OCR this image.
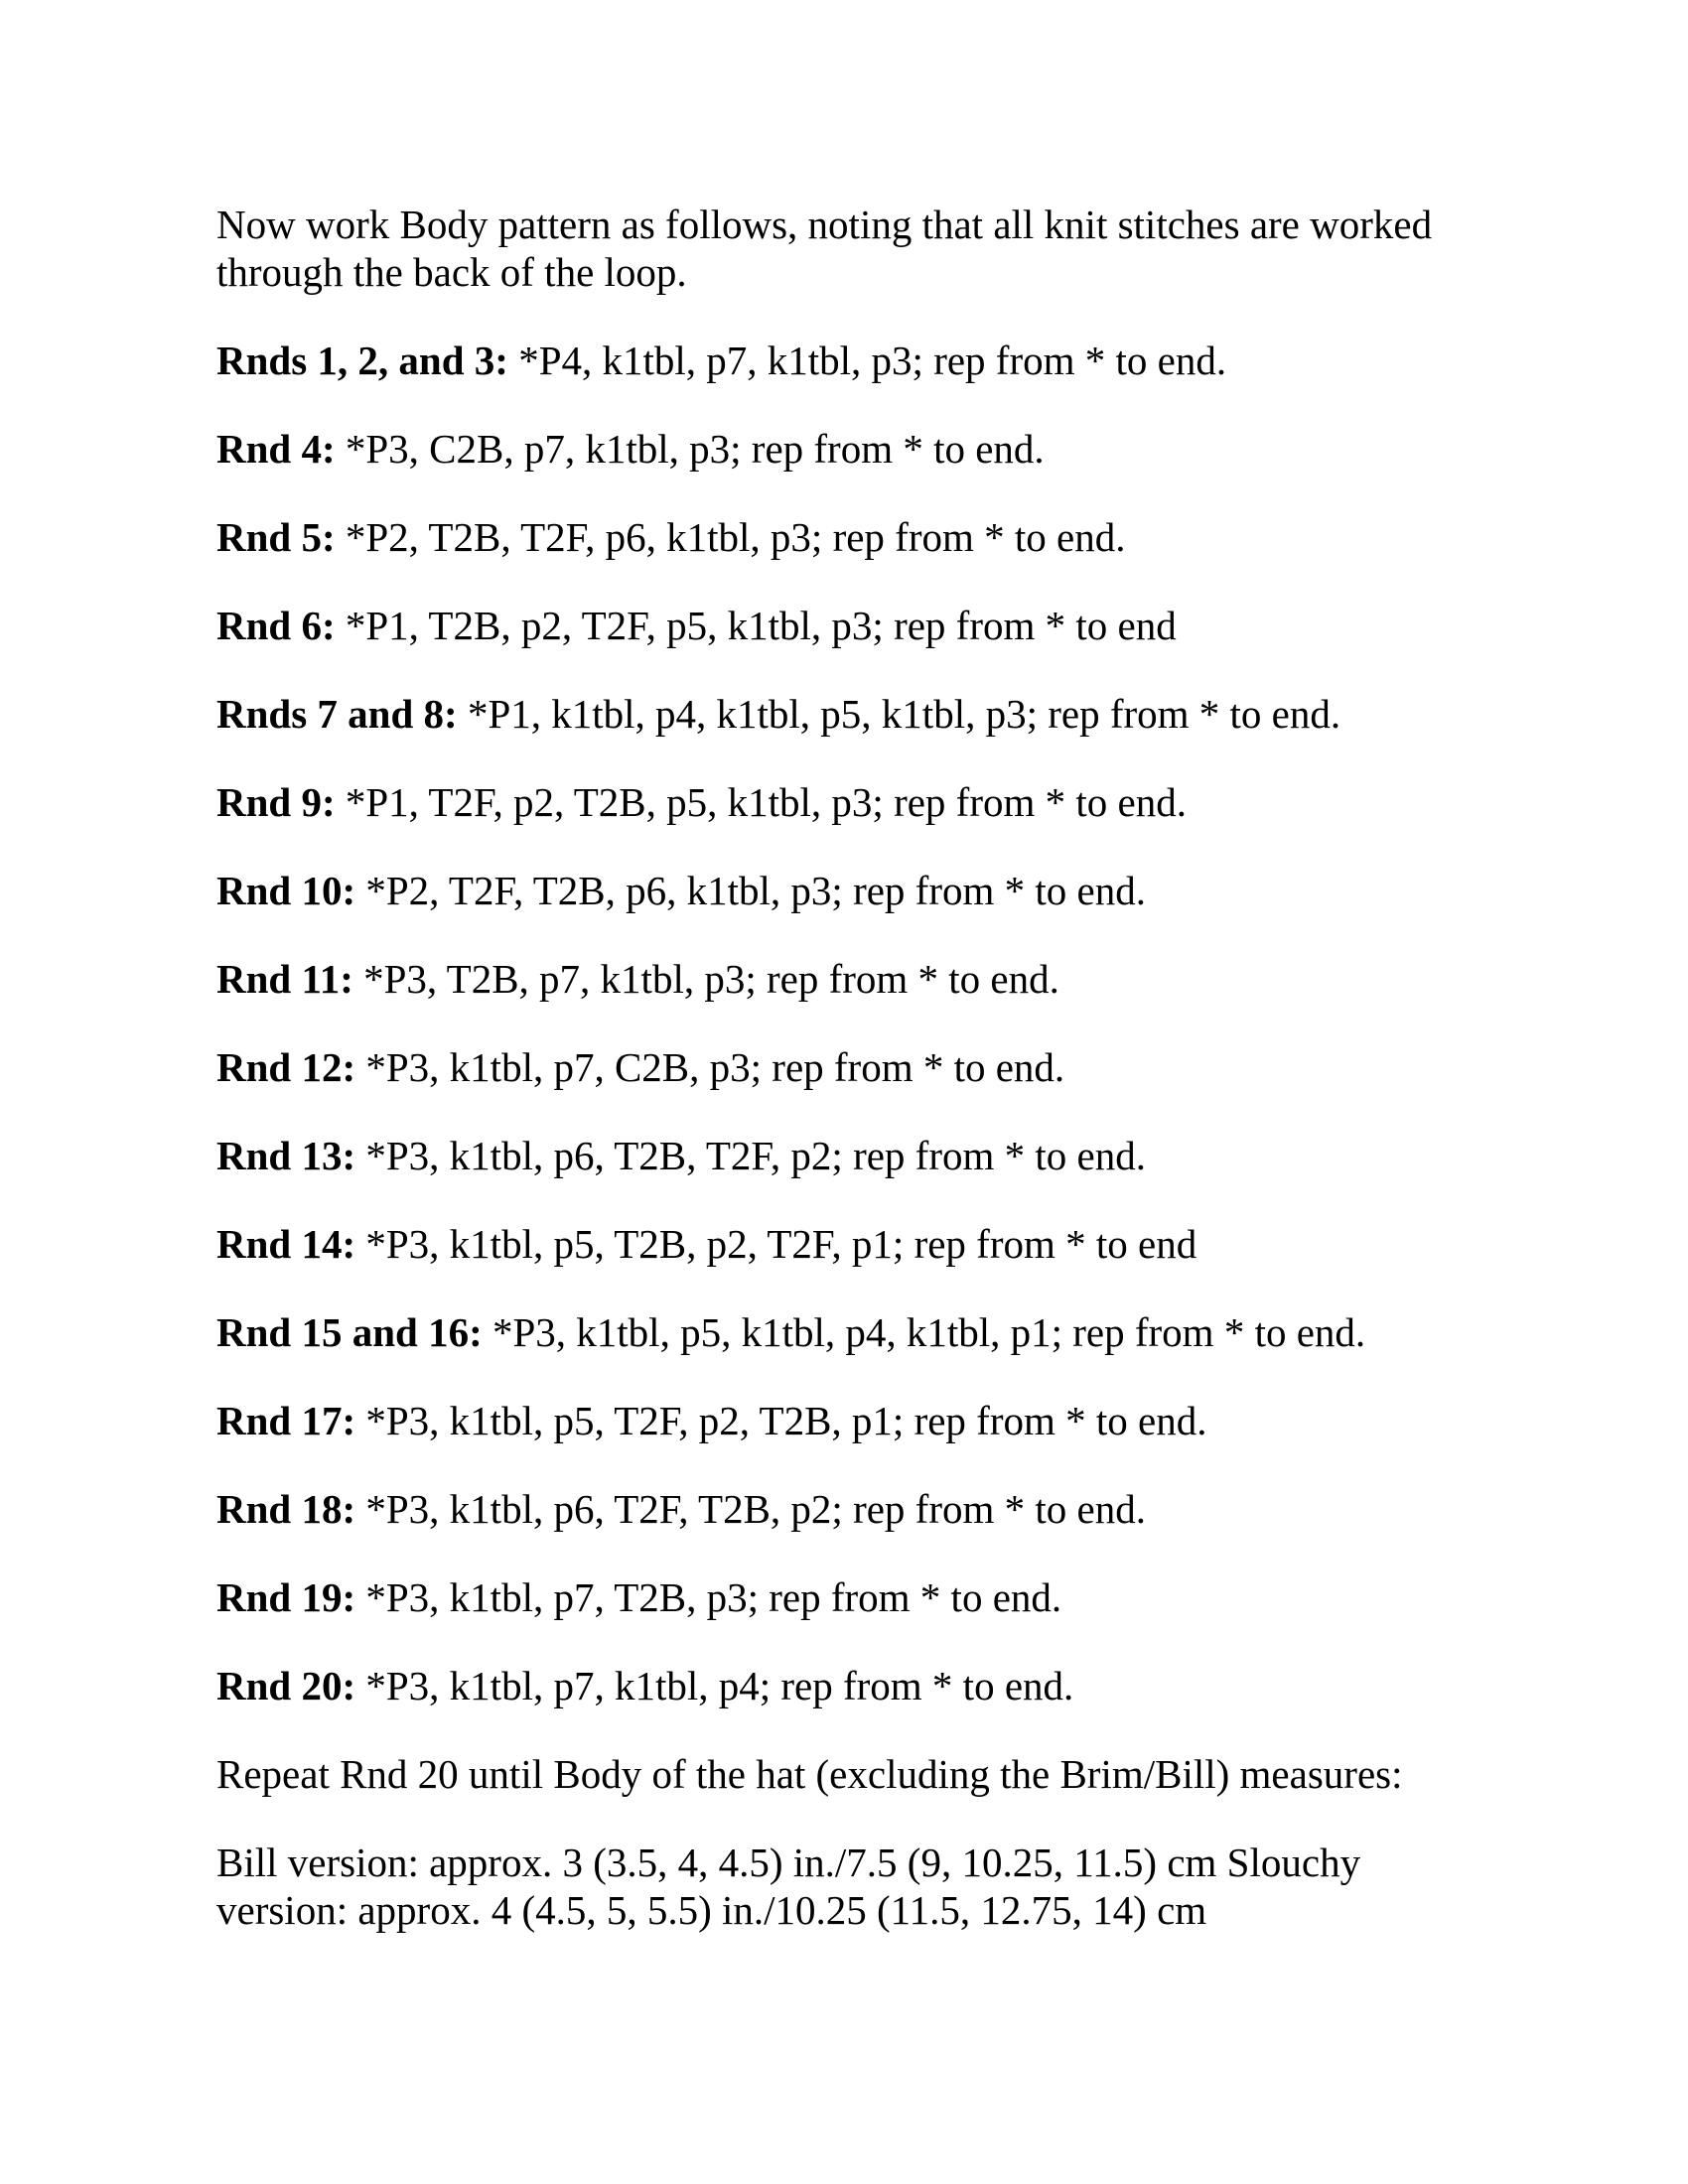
Now work Body pattern as follows, noting that all knit stitches are worked
through the back of the loop.

Rnds 1, 2, and 3: *P4, k1tbl, p7, k1tbl, p3; rep from * to end.

Rnd 4: *P3, C2B, p7, k1tbl, p3; rep from * to end.

Rnd 5: *P2, T2B, T2F, p6, k1tbl, p3; rep from * to end.

Rnd 6: *P1, T2B, p2, T2F, p5, k1tbl, p3; rep from * to end

Rnds 7 and 8: *P1, k1tbl, p4, k1tbl, p5, k1tbl, p3; rep from * to end.

Rnd 9: *P1, T2F, p2, T2B, p5, k1tbl, p3; rep from * to end.

Rnd 10: *P2, T2F, T2B, p6, k1tbl, p3; rep from * to end.

Rnd 11: *P3, T2B, p7, k1tbl, p3; rep from * to end.

Rnd 12: *P3, k1tbl, p7, C2B, p3; rep from * to end.

Rnd 13: *P3, k1tbl, p6, T2B, T2F, p2; rep from * to end.

Rnd 14: *P3, k1tbl, p5, T2B, p2, T2F, p1; rep from * to end

Rnd 15 and 16: *P3, k1tbl, p5, k1tbl, p4, k1tbl, p1; rep from * to end.

Rnd 17: *P3, k1tbl, p5, T2F, p2, T2B, p1; rep from * to end.

Rnd 18: *P3, k1tbl, p6, T2F, T2B, p2; rep from * to end.

Rnd 19: *P3, k1tbl, p7, T2B, p3; rep from * to end.

Rnd 20: *P3, k1tbl, p7, k1tbl, p4; rep from * to end.

Repeat Rnd 20 until Body of the hat (excluding the Brim/Bill) measures:

Bill version: approx. 3 (3.5, 4, 4.5) in./7.5 (9, 10.25, 11.5) cm Slouchy
version: approx. 4 (4.5, 5, 5.5) in./10.25 (11.5, 12.75, 14) cm
